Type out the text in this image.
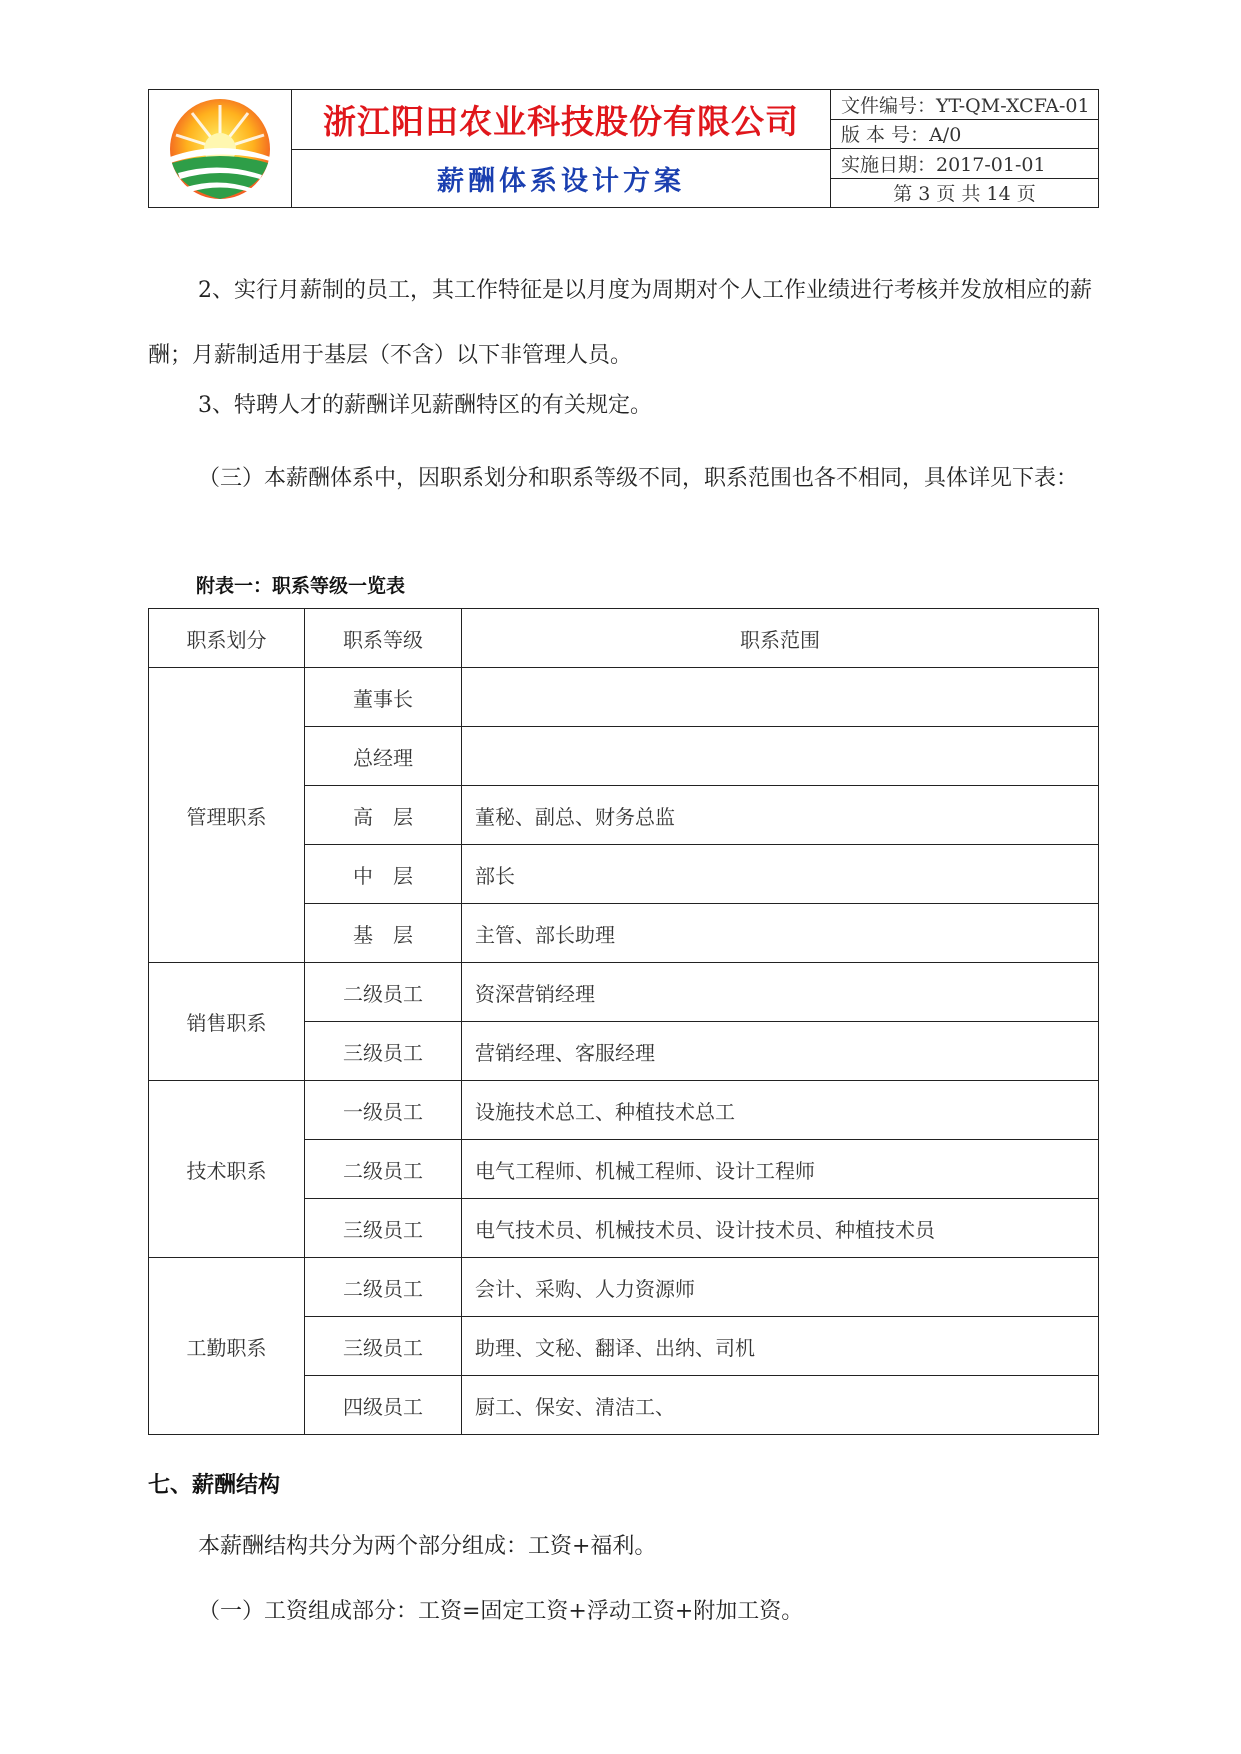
浙江阳田农业科技股份有限公司
薪酬体系设计方案
文件编号：YT-QM-XCFA-01
版 本 号：A/0
实施日期：2017-01-01
第 3 页 共 14 页

2、实行月薪制的员工，其工作特征是以月度为周期对个人工作业绩进行考核并发放相应的薪酬；月薪制适用于基层（不含）以下非管理人员。

3、特聘人才的薪酬详见薪酬特区的有关规定。

（三）本薪酬体系中，因职系划分和职系等级不同，职系范围也各不相同，具体详见下表：

附表一：职系等级一览表
职系划分	职系等级	职系范围
管理职系	董事长	
	总经理	
	高　层	董秘、副总、财务总监
	中　层	部长
	基　层	主管、部长助理
销售职系	二级员工	资深营销经理
	三级员工	营销经理、客服经理
技术职系	一级员工	设施技术总工、种植技术总工
	二级员工	电气工程师、机械工程师、设计工程师
	三级员工	电气技术员、机械技术员、设计技术员、种植技术员
工勤职系	二级员工	会计、采购、人力资源师
	三级员工	助理、文秘、翻译、出纳、司机
	四级员工	厨工、保安、清洁工、
七、薪酬结构

本薪酬结构共分为两个部分组成：工资+福利。

（一）工资组成部分：工资=固定工资+浮动工资+附加工资。
